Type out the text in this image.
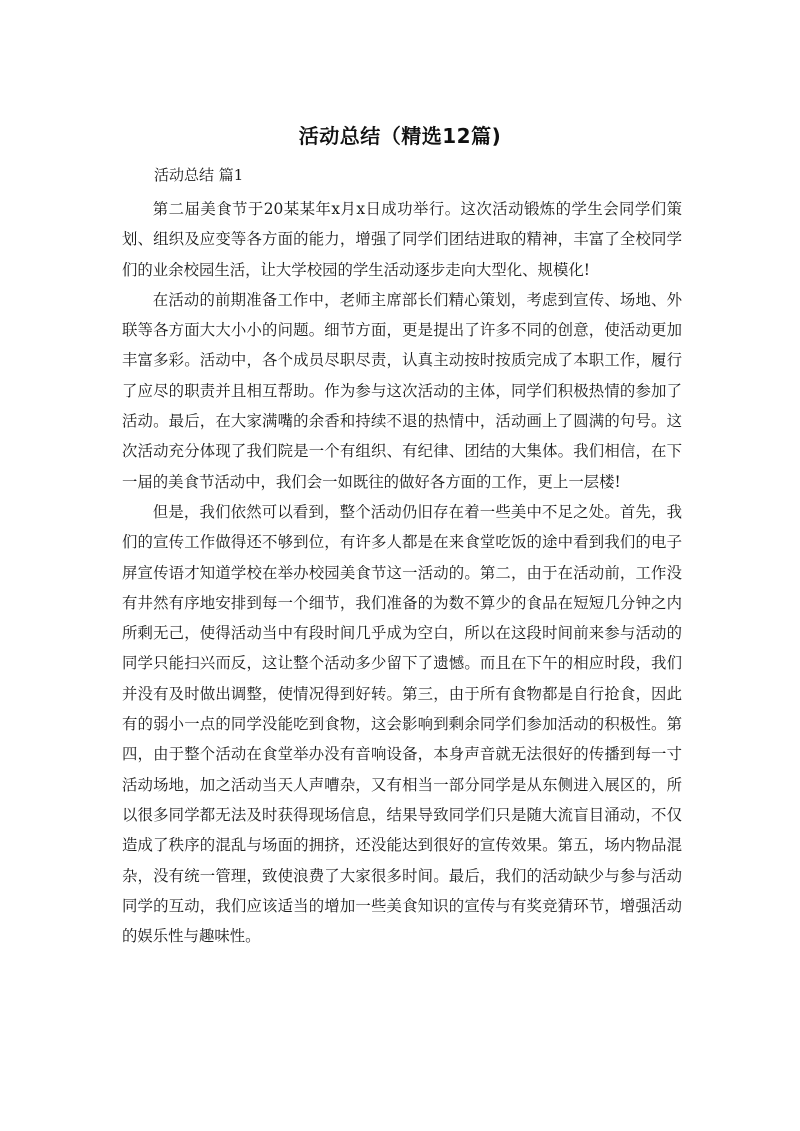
活动总结（精选12篇)
活动总结 篇1

第二届美食节于20某某年x月x日成功举行。这次活动锻炼的学生会同学们策划、组织及应变等各方面的能力，增强了同学们团结进取的精神，丰富了全校同学们的业余校园生活，让大学校园的学生活动逐步走向大型化、规模化!

在活动的前期准备工作中，老师主席部长们精心策划，考虑到宣传、场地、外联等各方面大大小小的问题。细节方面，更是提出了许多不同的创意，使活动更加丰富多彩。活动中，各个成员尽职尽责，认真主动按时按质完成了本职工作，履行了应尽的职责并且相互帮助。作为参与这次活动的主体，同学们积极热情的参加了活动。最后，在大家满嘴的余香和持续不退的热情中，活动画上了圆满的句号。这次活动充分体现了我们院是一个有组织、有纪律、团结的大集体。我们相信，在下一届的美食节活动中，我们会一如既往的做好各方面的工作，更上一层楼!

但是，我们依然可以看到，整个活动仍旧存在着一些美中不足之处。首先，我们的宣传工作做得还不够到位，有许多人都是在来食堂吃饭的途中看到我们的电子屏宣传语才知道学校在举办校园美食节这一活动的。第二，由于在活动前，工作没有井然有序地安排到每一个细节，我们准备的为数不算少的食品在短短几分钟之内所剩无己，使得活动当中有段时间几乎成为空白，所以在这段时间前来参与活动的同学只能扫兴而反，这让整个活动多少留下了遗憾。而且在下午的相应时段，我们并没有及时做出调整，使情况得到好转。第三，由于所有食物都是自行抢食，因此有的弱小一点的同学没能吃到食物，这会影响到剩余同学们参加活动的积极性。第四，由于整个活动在食堂举办没有音响设备，本身声音就无法很好的传播到每一寸活动场地，加之活动当天人声嘈杂，又有相当一部分同学是从东侧进入展区的，所以很多同学都无法及时获得现场信息，结果导致同学们只是随大流盲目涌动，不仅造成了秩序的混乱与场面的拥挤，还没能达到很好的宣传效果。第五，场内物品混杂，没有统一管理，致使浪费了大家很多时间。最后，我们的活动缺少与参与活动同学的互动，我们应该适当的增加一些美食知识的宣传与有奖竞猜环节，增强活动的娱乐性与趣味性。
